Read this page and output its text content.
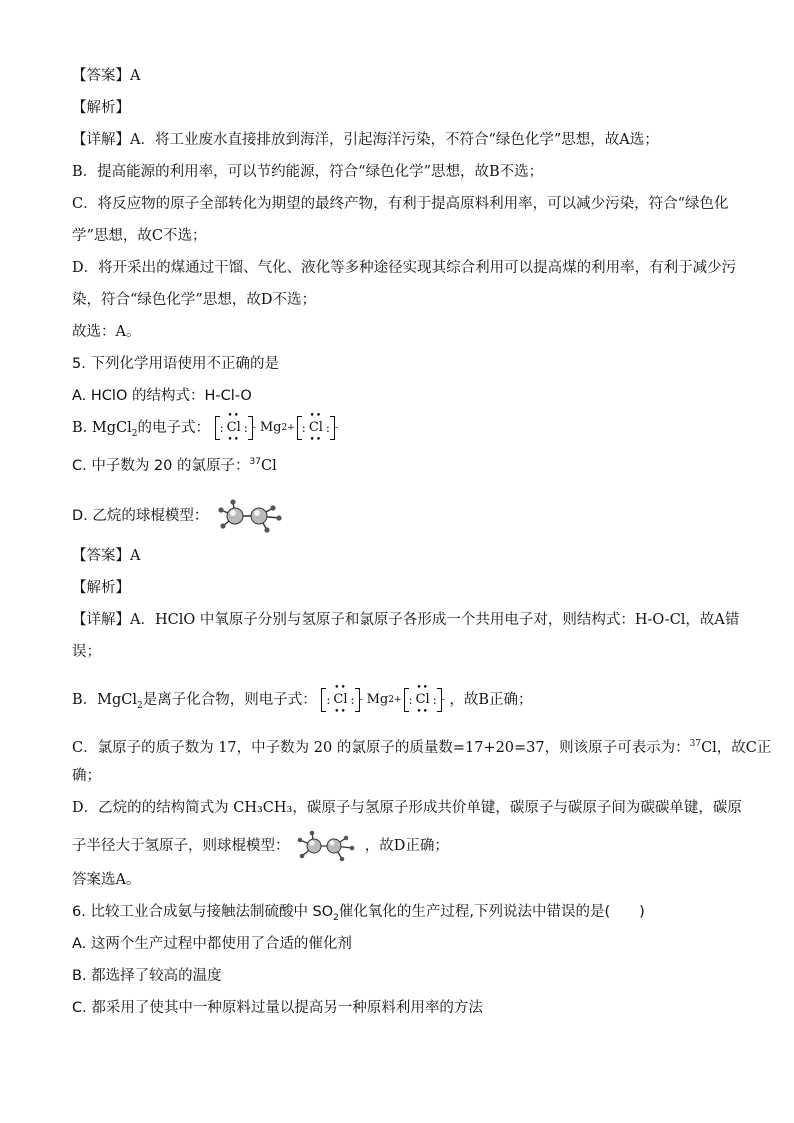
【答案】A
【解析】
【详解】A．将工业废水直接排放到海洋，引起海洋污染，不符合“绿色化学”思想，故A选；
B．提高能源的利用率，可以节约能源，符合“绿色化学”思想，故B不选；
C．将反应物的原子全部转化为期望的最终产物，有利于提高原料利用率，可以减少污染，符合“绿色化
学”思想，故C不选；
D．将开采出的煤通过干馏、气化、液化等多种途径实现其综合利用可以提高煤的利用率，有利于减少污
染，符合“绿色化学”思想，故D不选；
故选：A。
5. 下列化学用语使用不正确的是
A. HClO 的结构式：H-Cl-O
B. MgCl$_2$的电子式： :
••
Cl
••
: - Mg 2+ :
••
Cl
••
: -
C. 中子数为 20 的氯原子：$^{37}$Cl
D. 乙烷的球棍模型：
【答案】A
【解析】
【详解】A．HClO 中氧原子分别与氢原子和氯原子各形成一个共用电子对，则结构式：H-O-Cl，故A错
误；
B．MgCl$_2$是离子化合物，则电子式： :
••
Cl
••
: - Mg 2+ :
••
Cl
••
: - ，故B正确；
C．氯原子的质子数为 17，中子数为 20 的氯原子的质量数=17+20=37，则该原子可表示为：$^{37}$Cl，故C正
确；
D．乙烷的的结构简式为 CH₃CH₃，碳原子与氢原子形成共价单键，碳原子与碳原子间为碳碳单键，碳原
子半径大于氢原子，则球棍模型：	，故D正确；
答案选A。
6. 比较工业合成氨与接触法制硫酸中 $SO_2$催化氧化的生产过程,下列说法中错误的是(　　)
A. 这两个生产过程中都使用了合适的催化剂
B. 都选择了较高的温度
C. 都采用了使其中一种原料过量以提高另一种原料利用率的方法
